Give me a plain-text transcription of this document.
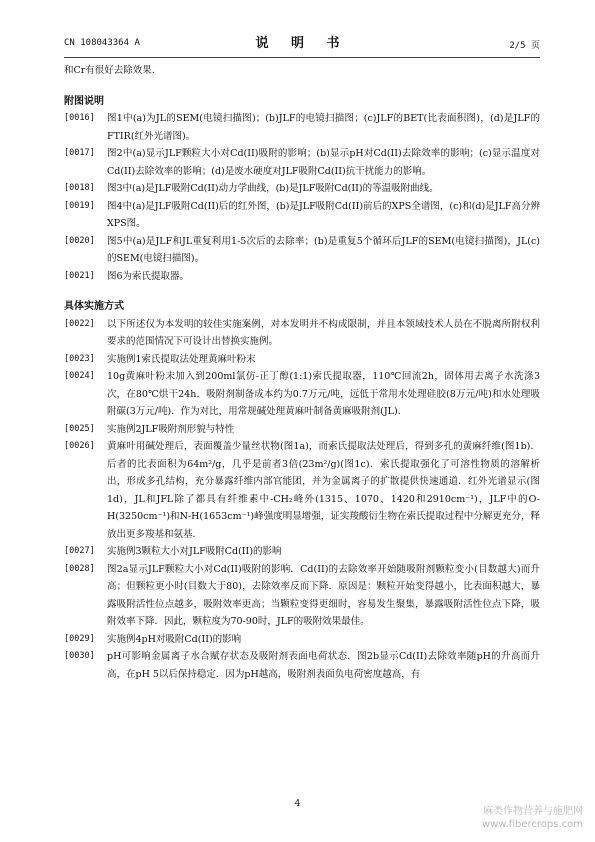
CN 108043364 A	说 明 书	2/5 页

和Cr有很好去除效果.

附图说明

[0016]	图1中(a)为JL的SEM(电镜扫描图)；(b)JLF的电镜扫描图；(c)JLF的BET(比表面积图)，(d)是JLF的FTIR(红外光谱图)。
[0017]	图2中(a)显示JLF颗粒大小对Cd(II)吸附的影响；(b)显示pH对Cd(II)去除效率的影响；(c)显示温度对Cd(II)去除效率的影响；(d)是废水硬度对JLF吸附Cd(II)抗干扰能力的影响。
[0018]	图3中(a)是JLF吸附Cd(II)动力学曲线，(b)是JLF吸附Cd(II)的等温吸附曲线。
[0019]	图4中(a)是JLF吸附Cd(II)后的红外图，(b)是JLF吸附Cd(II)前后的XPS全谱图，(c)和(d)是JLF高分辨XPS图。
[0020]	图5中(a)是JLF和JL重复利用1-5次后的去除率；(b)是重复5个循环后JLF的SEM(电镜扫描图)，JL(c)的SEM(电镜扫描图)。
[0021]	图6为索氏提取器。

具体实施方式

[0022]	以下所述仅为本发明的较佳实施案例，对本发明并不构成限制，并且本领域技术人员在不脱离所附权利要求的范围情况下可设计出替换实施例。
[0023]	实施例1索氏提取法处理黄麻叶粉末
[0024]	10g黄麻叶粉末加入到200ml氯仿-正丁醇(1:1)索氏提取器，110℃回流2h，固体用去离子水洗涤3次，在80℃烘干24h．吸附剂制备成本约为0.7万元/吨，远低于常用水处理硅胶(8万元/吨)和水处理吸附碳(3万元/吨)．作为对比，用常规碱处理黄麻叶制备黄麻吸附剂(JL)．
[0025]	实施例2JLF吸附剂形貌与特性
[0026]	黄麻叶用碱处理后，表面覆盖少量丝状物(图1a)，而索氏提取法处理后，得到多孔的黄麻纤维(图1b)．后者的比表面积为64m²/g，几乎是前者3倍(23m²/g)(图1c)．索氏提取强化了可溶性物质的溶解析出，形成多孔结构，充分暴露纤维内部官能团，并为金属离子的扩散提供快速通道．红外光谱显示(图1d)，JL和JFL除了都具有纤维素中-CH₂峰外(1315、1070、1420和2910cm⁻¹)，JLF中的O-H(3250cm⁻¹)和N-H(1653cm⁻¹)峰强度明显增强，证实羧酸衍生物在索氏提取过程中分解更充分，释放出更多羧基和氨基．
[0027]	实施例3颗粒大小对JLF吸附Cd(II)的影响
[0028]	图2a显示JLF颗粒大小对Cd(II)吸附的影响．Cd(II)的去除效率开始随吸附剂颗粒变小(目数越大)而升高；但颗粒更小时(目数大于80)，去除效率反而下降．原因是：颗粒开始变得越小，比表面积越大，暴露吸附活性位点越多，吸附效率更高；当颗粒变得更细时，容易发生聚集，暴露吸附活性位点下降，吸附效率下降．因此，颗粒度为70-90时，JLF的吸附效果最佳。
[0029]	实施例4pH对吸附Cd(II)的影响
[0030]	pH可影响金属离子水合赋存状态及吸附剂表面电荷状态．图2b显示Cd(II)去除效率随pH的升高而升高，在pH 5以后保持稳定．因为pH越高，吸附剂表面负电荷密度越高，有
4
麻类作物营养与施肥网
www.fibercrops.com
